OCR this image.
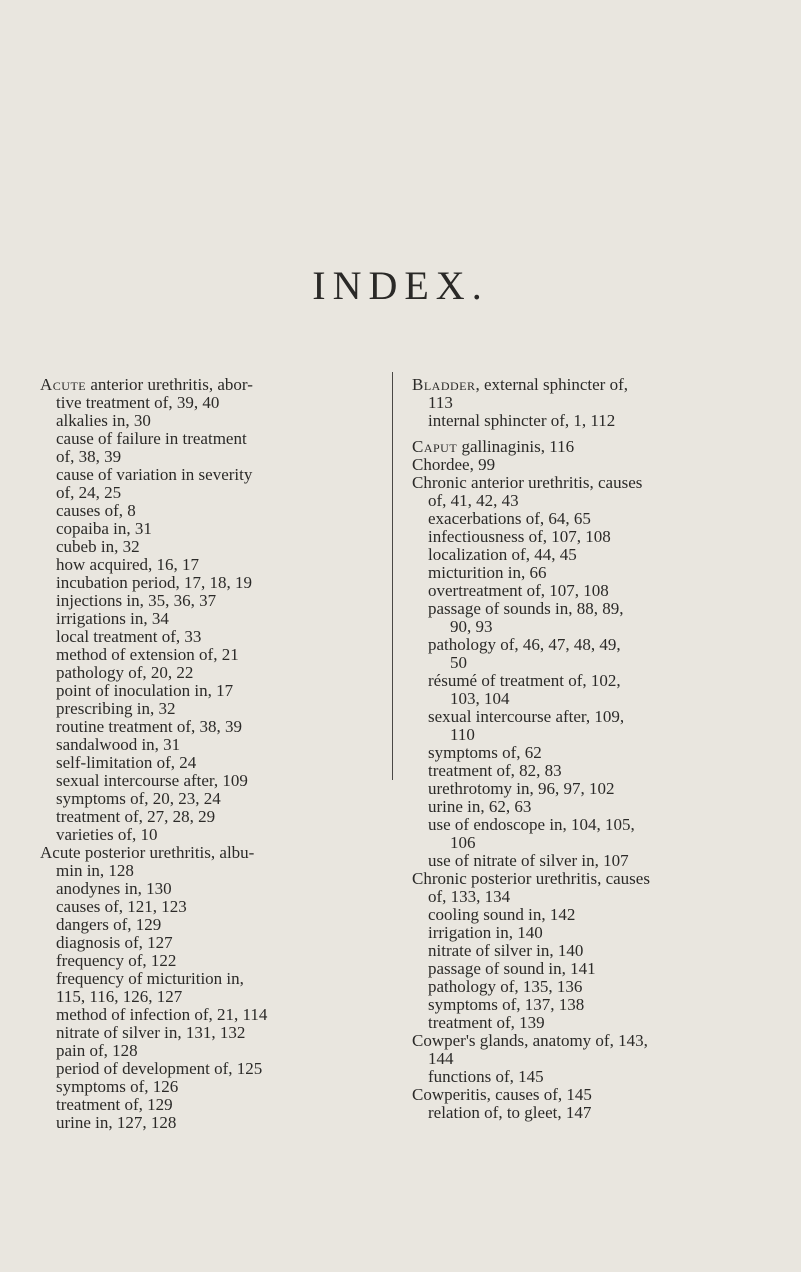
INDEX.
Acute anterior urethritis, abor-
tive treatment of, 39, 40
alkalies in, 30
cause of failure in treatment
of, 38, 39
cause of variation in severity
of, 24, 25
causes of, 8
copaiba in, 31
cubeb in, 32
how acquired, 16, 17
incubation period, 17, 18, 19
injections in, 35, 36, 37
irrigations in, 34
local treatment of, 33
method of extension of, 21
pathology of, 20, 22
point of inoculation in, 17
prescribing in, 32
routine treatment of, 38, 39
sandalwood in, 31
self-limitation of, 24
sexual intercourse after, 109
symptoms of, 20, 23, 24
treatment of, 27, 28, 29
varieties of, 10
Acute posterior urethritis, albu-
min in, 128
anodynes in, 130
causes of, 121, 123
dangers of, 129
diagnosis of, 127
frequency of, 122
frequency of micturition in,
115, 116, 126, 127
method of infection of, 21, 114
nitrate of silver in, 131, 132
pain of, 128
period of development of, 125
symptoms of, 126
treatment of, 129
urine in, 127, 128
Bladder, external sphincter of,
113
internal sphincter of, 1, 112

Caput gallinaginis, 116
Chordee, 99
Chronic anterior urethritis, causes
of, 41, 42, 43
exacerbations of, 64, 65
infectiousness of, 107, 108
localization of, 44, 45
micturition in, 66
overtreatment of, 107, 108
passage of sounds in, 88, 89,
90, 93
pathology of, 46, 47, 48, 49,
50
résumé of treatment of, 102,
103, 104
sexual intercourse after, 109,
110
symptoms of, 62
treatment of, 82, 83
urethrotomy in, 96, 97, 102
urine in, 62, 63
use of endoscope in, 104, 105,
106
use of nitrate of silver in, 107
Chronic posterior urethritis, causes
of, 133, 134
cooling sound in, 142
irrigation in, 140
nitrate of silver in, 140
passage of sound in, 141
pathology of, 135, 136
symptoms of, 137, 138
treatment of, 139
Cowper's glands, anatomy of, 143,
144
functions of, 145
Cowperitis, causes of, 145
relation of, to gleet, 147
